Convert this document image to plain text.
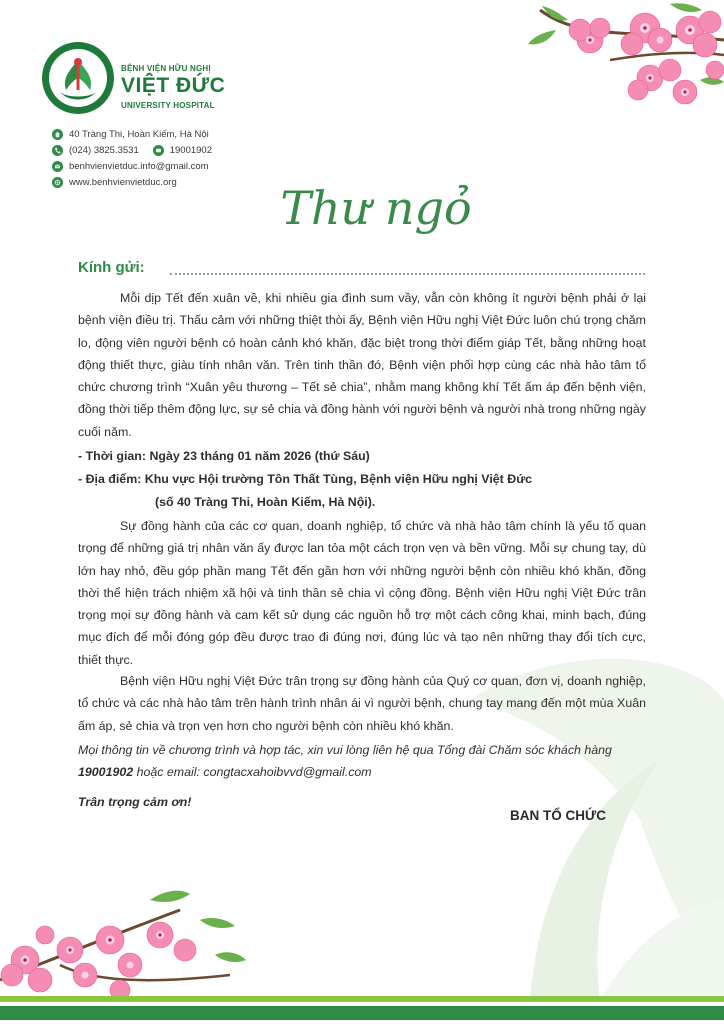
BỆNH VIỆN HỮU NGHỊ
VIỆT ĐỨC
UNIVERSITY HOSPITAL
40 Tràng Thi, Hoàn Kiếm, Hà Nội
(024) 3825.3531	19001902
benhvienvietduc.info@gmail.com
www.benhvienvietduc.org Thư ngỏ
Kính gửi:
Mỗi dịp Tết đến xuân về, khi nhiều gia đình sum vầy, vẫn còn không ít người bệnh phải ở lại bệnh viện điều trị. Thấu cảm với những thiệt thòi ấy, Bệnh viện Hữu nghị Việt Đức luôn chú trọng chăm lo, động viên người bệnh có hoàn cảnh khó khăn, đặc biệt trong thời điểm giáp Tết, bằng những hoạt động thiết thực, giàu tính nhân văn. Trên tinh thần đó, Bệnh viện phối hợp cùng các nhà hảo tâm tổ chức chương trình “Xuân yêu thương – Tết sẻ chia”, nhằm mang không khí Tết ấm áp đến bệnh viện, đồng thời tiếp thêm động lực, sự sẻ chia và đồng hành với người bệnh và người nhà trong những ngày cuối năm.
- Thời gian: Ngày 23 tháng 01 năm 2026 (thứ Sáu)
- Địa điểm: Khu vực Hội trường Tôn Thất Tùng, Bệnh viện Hữu nghị Việt Đức
(số 40 Tràng Thi, Hoàn Kiếm, Hà Nội).
Sự đồng hành của các cơ quan, doanh nghiệp, tổ chức và nhà hảo tâm chính là yếu tố quan trọng để những giá trị nhân văn ấy được lan tỏa một cách trọn vẹn và bền vững. Mỗi sự chung tay, dù lớn hay nhỏ, đều góp phần mang Tết đến gần hơn với những người bệnh còn nhiều khó khăn, đồng thời thể hiện trách nhiệm xã hội và tinh thần sẻ chia vì cộng đồng. Bệnh viện Hữu nghị Việt Đức trân trọng mọi sự đồng hành và cam kết sử dụng các nguồn hỗ trợ một cách công khai, minh bạch, đúng mục đích để mỗi đóng góp đều được trao đi đúng nơi, đúng lúc và tạo nên những thay đổi tích cực, thiết thực.
Bệnh viện Hữu nghị Việt Đức trân trọng sự đồng hành của Quý cơ quan, đơn vị, doanh nghiệp, tổ chức và các nhà hảo tâm trên hành trình nhân ái vì người bệnh, chung tay mang đến một mùa Xuân ấm áp, sẻ chia và trọn vẹn hơn cho người bệnh còn nhiều khó khăn.
Mọi thông tin về chương trình và hợp tác, xin vui lòng liên hệ qua Tổng đài Chăm sóc khách hàng 19001902 hoặc email: congtacxahoibvvd@gmail.com
Trân trọng cảm ơn!
BAN TỔ CHỨC
